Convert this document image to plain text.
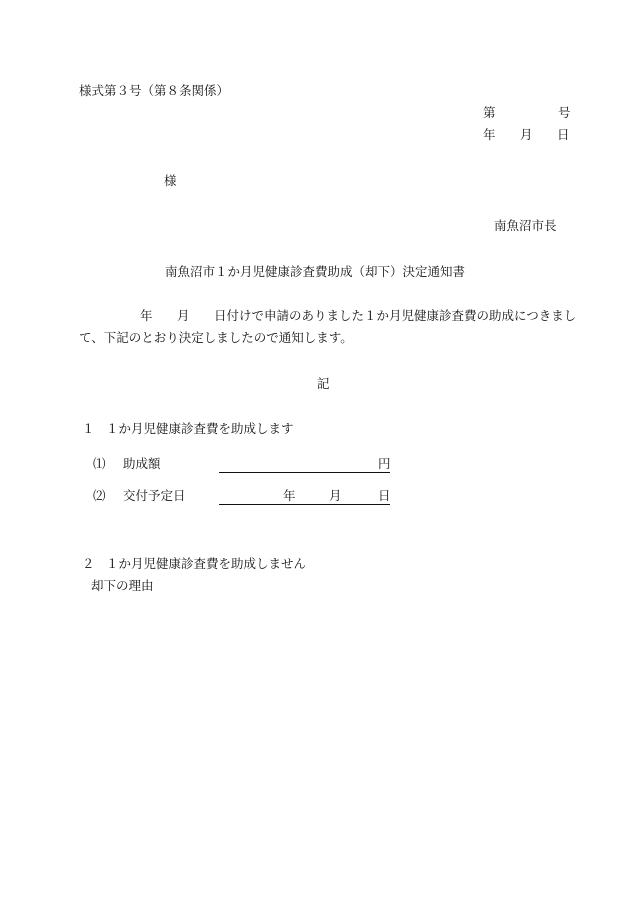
様式第３号（第８条関係）
第	号
年 月 日
様
南魚沼市長
南魚沼市１か月児健康診査費助成（却下）決定通知書
年 月 日付けで申請のありました１か月児健康診査費の助成につきまし
て、下記のとおり決定しましたので通知します。
記
１ １か月児健康診査費を助成します
⑴ 助成額	円
⑵ 交付予定日	年	月	日
２ １か月児健康診査費を助成しません
却下の理由
